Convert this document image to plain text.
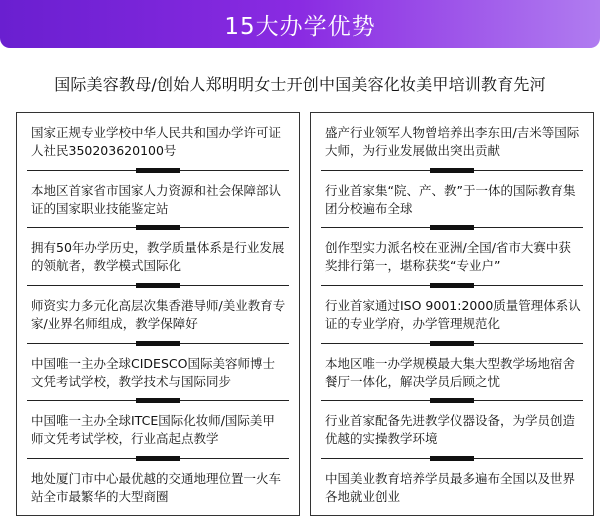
15大办学优势
国际美容教母/创始人郑明明女士开创中国美容化妆美甲培训教育先河
国家正规专业学校中华人民共和国办学许可证人社民350203620100号
本地区首家省市国家人力资源和社会保障部认证的国家职业技能鉴定站
拥有50年办学历史，教学质量体系是行业发展的领航者，教学模式国际化
师资实力多元化高层次集香港导师/美业教育专家/业界名师组成，教学保障好
中国唯一主办全球CIDESCO国际美容师博士文凭考试学校，教学技术与国际同步
中国唯一主办全球ITCE国际化妆师/国际美甲师文凭考试学校，行业高起点教学
地处厦门市中心最优越的交通地理位置一火车站全市最繁华的大型商圈
盛产行业领军人物曾培养出李东田/吉米等国际大师，为行业发展做出突出贡献
行业首家集“院、产、教”于一体的国际教育集团分校遍布全球
创作型实力派名校在亚洲/全国/省市大赛中获奖排行第一，堪称获奖“专业户”
行业首家通过ISO 9001:2000质量管理体系认证的专业学府，办学管理规范化
本地区唯一办学规模最大集大型教学场地宿舍餐厅一体化，解决学员后顾之忧
行业首家配备先进教学仪器设备，为学员创造优越的实操教学环境
中国美业教育培养学员最多遍布全国以及世界各地就业创业
